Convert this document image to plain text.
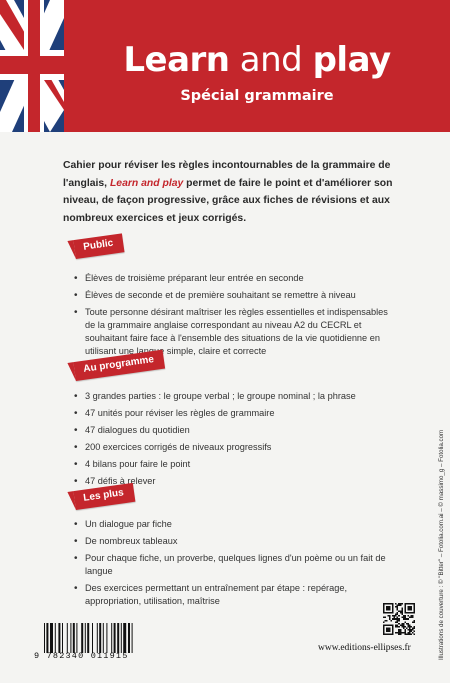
Learn and play
Spécial grammaire

Cahier pour réviser les règles incontournables de la grammaire de l'anglais, Learn and play permet de faire le point et d'améliorer son niveau, de façon progressive, grâce aux fiches de révisions et aux nombreux exercices et jeux corrigés.

Public
• Élèves de troisième préparant leur entrée en seconde
• Élèves de seconde et de première souhaitant se remettre à niveau
• Toute personne désirant maîtriser les règles essentielles et indispensables de la grammaire anglaise correspondant au niveau A2 du CECRL et souhaitant faire face à l'ensemble des situations de la vie quotidienne en utilisant une langue simple, claire et correcte
Au programme
• 3 grandes parties : le groupe verbal ; le groupe nominal ; la phrase
• 47 unités pour réviser les règles de grammaire
• 47 dialogues du quotidien
• 200 exercices corrigés de niveaux progressifs
• 4 bilans pour faire le point
• 47 défis à relever
Les plus
• Un dialogue par fiche
• De nombreux tableaux
• Pour chaque fiche, un proverbe, quelques lignes d'un poème ou un fait de langue
• Des exercices permettant un entraînement par étape : repérage, appropriation, utilisation, maîtrise	Illustrations de couverture : © "Bitter" – Fotolia.com.ai – © massimo_g – Fotolia.com
9 782340 011915
www.editions-ellipses.fr
